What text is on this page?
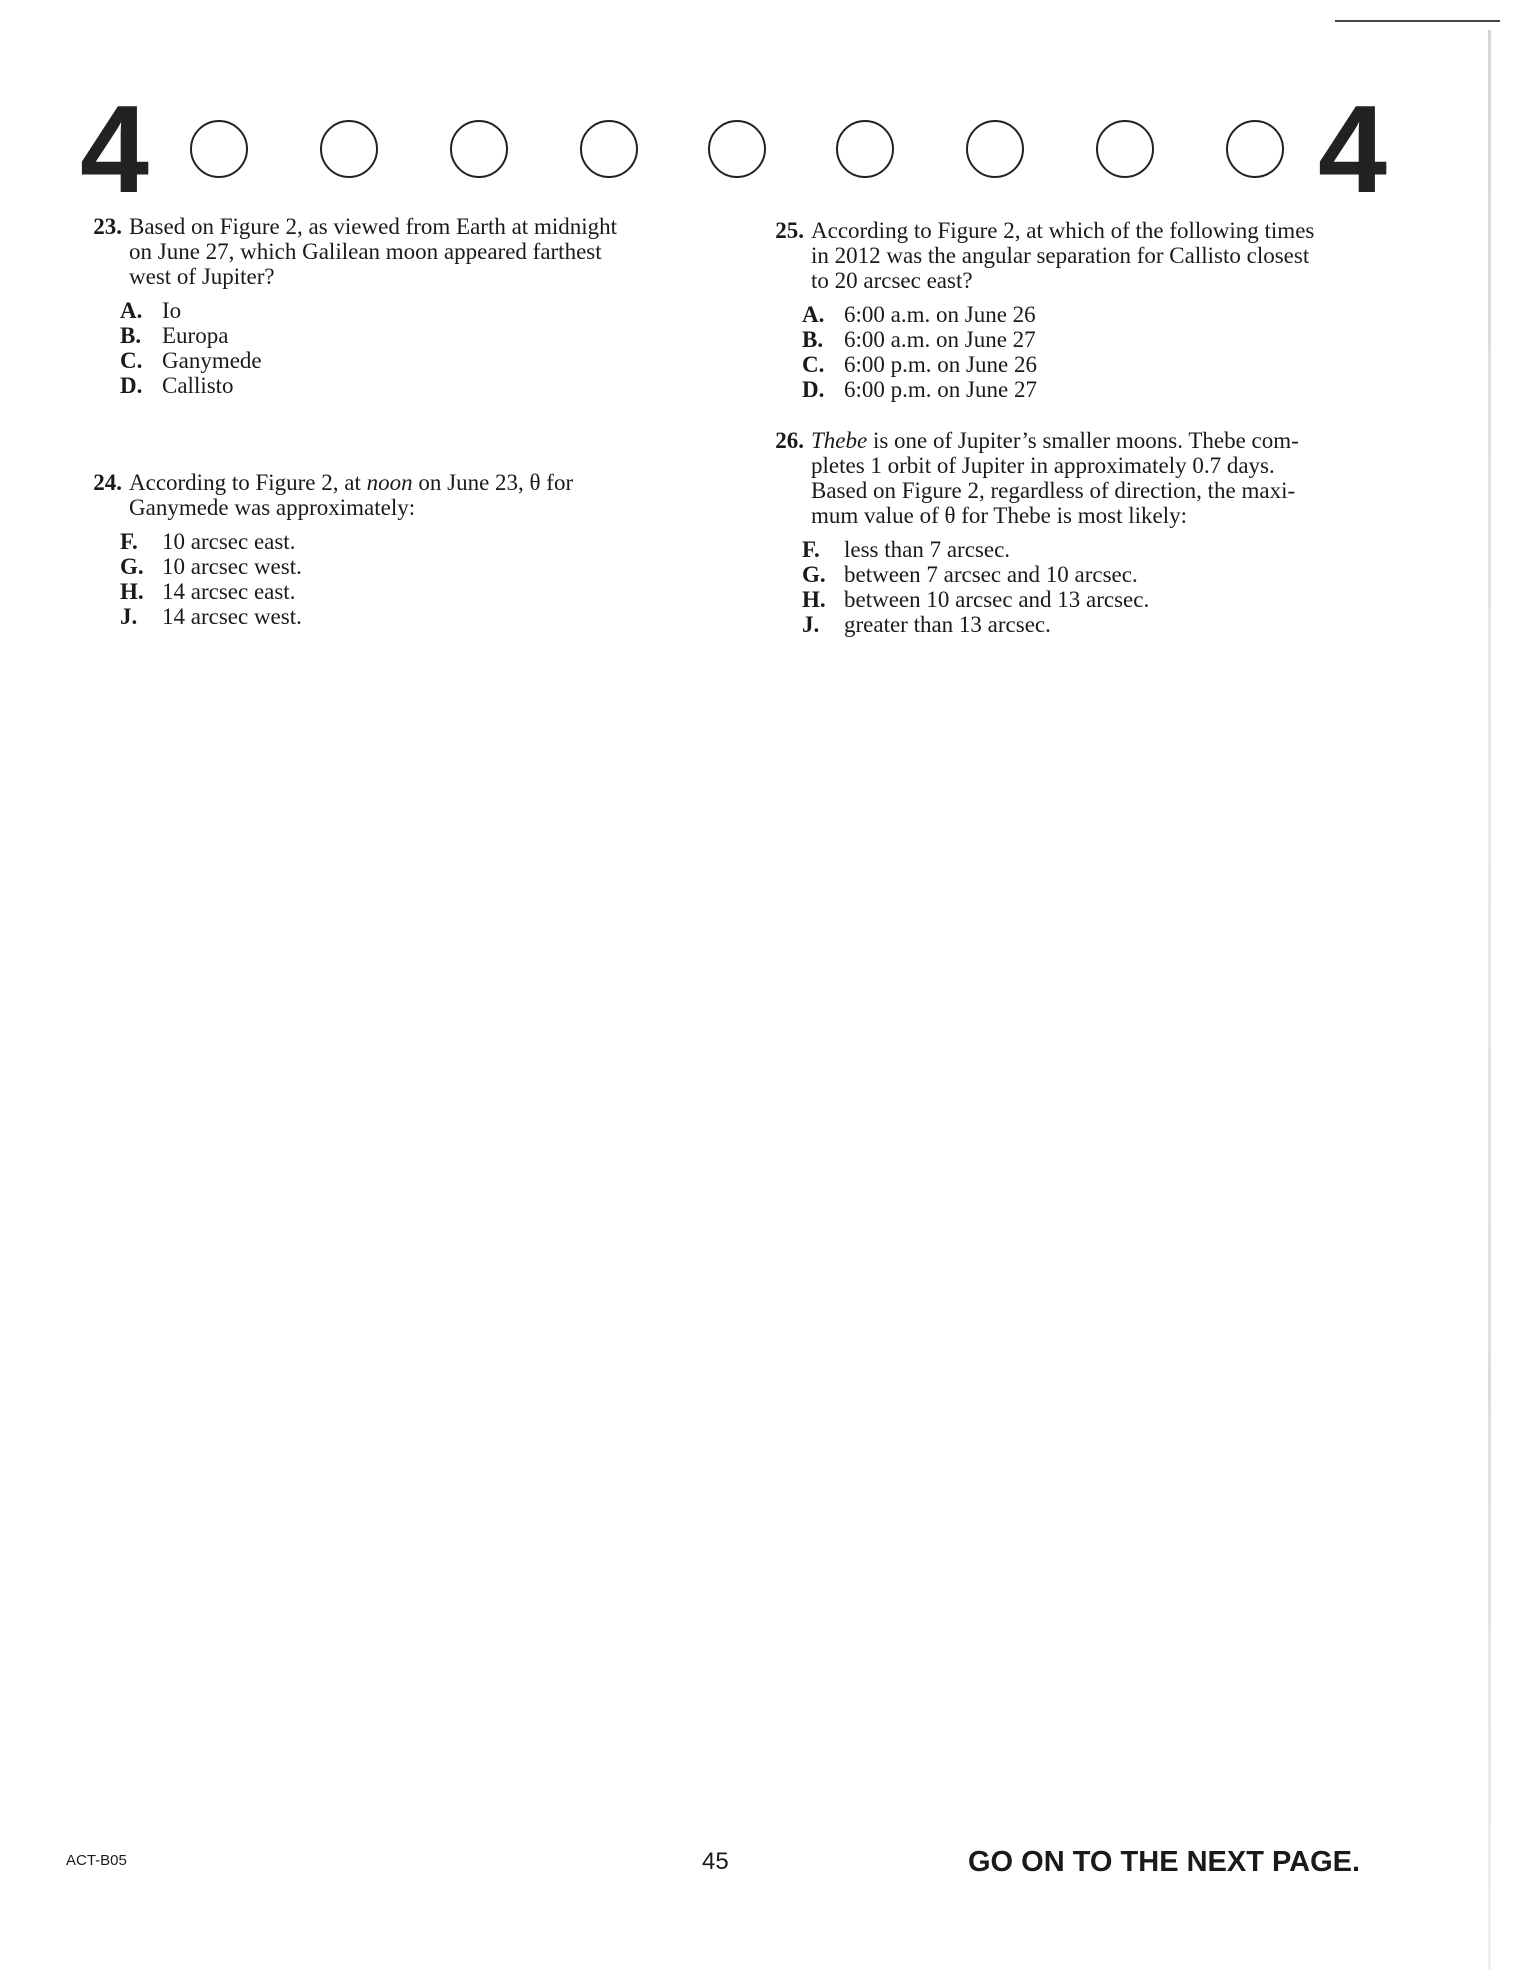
4	4
23. Based on Figure 2, as viewed from Earth at midnight
on June 27, which Galilean moon appeared farthest
west of Jupiter?
A. Io
B. Europa
C. Ganymede
D. Callisto
24. According to Figure 2, at noon on June 23, θ for
Ganymede was approximately:
F.	10 arcsec east.
G. 10 arcsec west.
H. 14 arcsec east.
J.	14 arcsec west.
25. According to Figure 2, at which of the following times
in 2012 was the angular separation for Callisto closest
to 20 arcsec east?
A. 6:00 a.m. on June 26
B. 6:00 a.m. on June 27
C. 6:00 p.m. on June 26
D. 6:00 p.m. on June 27
26. Thebe is one of Jupiter’s smaller moons. Thebe com-
pletes 1 orbit of Jupiter in approximately 0.7 days.
Based on Figure 2, regardless of direction, the maxi-
mum value of θ for Thebe is most likely:
F.	less than 7 arcsec.
G. between 7 arcsec and 10 arcsec.
H. between 10 arcsec and 13 arcsec.
J.	greater than 13 arcsec.
ACT-B05	45	GO ON TO THE NEXT PAGE.
